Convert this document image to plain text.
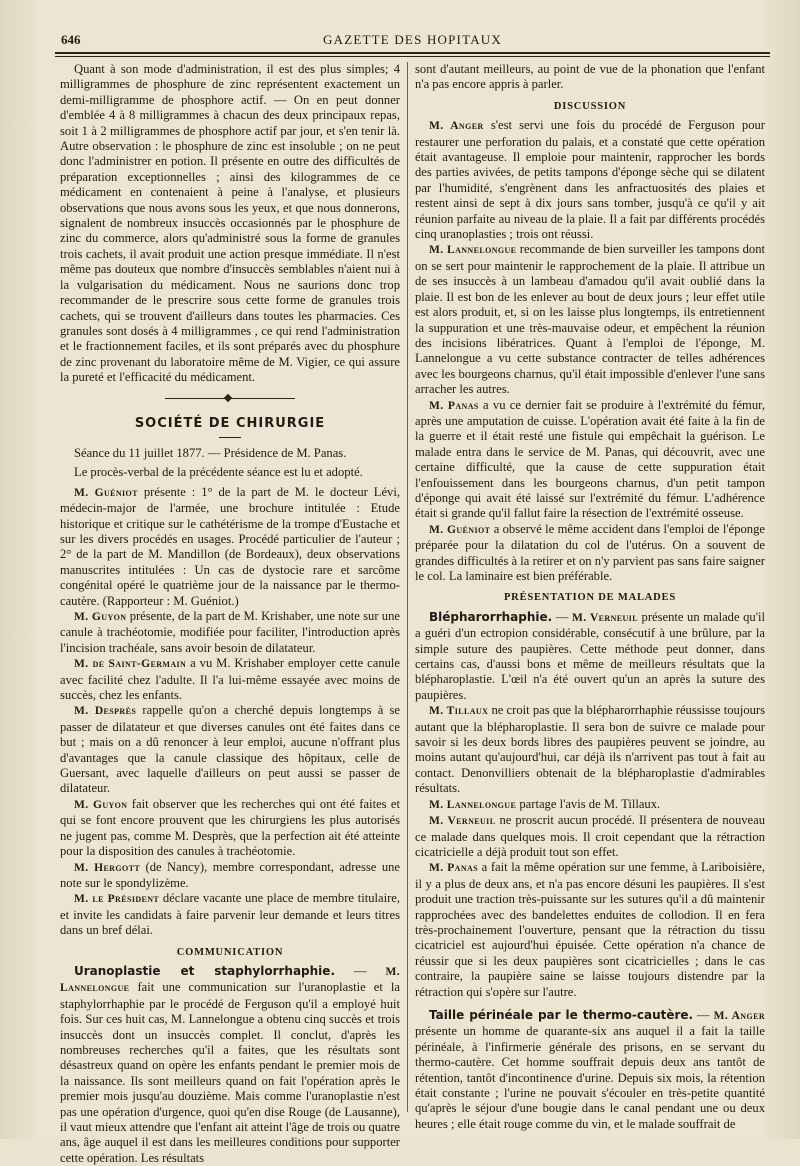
646	GAZETTE DES HOPITAUX

Quant à son mode d'administration, il est des plus simples; 4 milligrammes de phosphure de zinc représentent exactement un demi-milligramme de phosphore actif. — On en peut donner d'emblée 4 à 8 milligrammes à chacun des deux principaux repas, soit 1 à 2 milligrammes de phosphore actif par jour, et s'en tenir là. Autre observation : le phosphure de zinc est insoluble ; on ne peut donc l'administrer en potion. Il présente en outre des difficultés de préparation exceptionnelles ; ainsi des kilogrammes de ce médicament en contenaient à peine à l'analyse, et plusieurs observations que nous avons sous les yeux, et que nous donnerons, signalent de nombreux insuccès occasionnés par le phosphure de zinc du commerce, alors qu'administré sous la forme de granules trois cachets, il avait produit une action presque immédiate. Il n'est même pas douteux que nombre d'insuccès semblables n'aient nui à la vulgarisation du médicament. Nous ne saurions donc trop recommander de le prescrire sous cette forme de granules trois cachets, qui se trouvent d'ailleurs dans toutes les pharmacies. Ces granules sont dosés à 4 milligrammes , ce qui rend l'administration et le fractionnement faciles, et ils sont préparés avec du phosphure de zinc provenant du laboratoire même de M. Vigier, ce qui assure la pureté et l'efficacité du médicament.

SOCIÉTÉ DE CHIRURGIE

Séance du 11 juillet 1877. — Présidence de M. Panas.

Le procès-verbal de la précédente séance est lu et adopté.

M. Guéniot présente : 1° de la part de M. le docteur Lévi, médecin-major de l'armée, une brochure intitulée : Etude historique et critique sur le cathétérisme de la trompe d'Eustache et sur les divers procédés en usages. Procédé particulier de l'auteur ; 2° de la part de M. Mandillon (de Bordeaux), deux observations manuscrites intitulées : Un cas de dystocie rare et sarcôme congénital opéré le quatrième jour de la naissance par le thermo-cautère. (Rapporteur : M. Guéniot.)

M. Guyon présente, de la part de M. Krishaber, une note sur une canule à trachéotomie, modifiée pour faciliter, l'introduction après l'incision trachéale, sans avoir besoin de dilatateur.

M. de Saint-Germain a vu M. Krishaber employer cette canule avec facilité chez l'adulte. Il l'a lui-même essayée avec moins de succès, chez les enfants.

M. Desprès rappelle qu'on a cherché depuis longtemps à se passer de dilatateur et que diverses canules ont été faites dans ce but ; mais on a dû renoncer à leur emploi, aucune n'offrant plus d'avantages que la canule classique des hôpitaux, celle de Guersant, avec laquelle d'ailleurs on peut aussi se passer de dilatateur.

M. Guyon fait observer que les recherches qui ont été faites et qui se font encore prouvent que les chirurgiens les plus autorisés ne jugent pas, comme M. Desprès, que la perfection ait été atteinte pour la disposition des canules à trachéotomie.

M. Hergott (de Nancy), membre correspondant, adresse une note sur le spondylizème.

M. le Président déclare vacante une place de membre titulaire, et invite les candidats à faire parvenir leur demande et leurs titres dans un bref délai.

COMMUNICATION

Uranoplastie et staphylorrhaphie. — M. Lannelongue fait une communication sur l'uranoplastie et la staphylorrhaphie par le procédé de Ferguson qu'il a employé huit fois. Sur ces huit cas, M. Lannelongue a obtenu cinq succès et trois insuccès dont un insuccès complet. Il conclut, d'après les nombreuses recherches qu'il a faites, que les résultats sont désastreux quand on opère les enfants pendant le premier mois de la naissance. Ils sont meilleurs quand on fait l'opération après le premier mois jusqu'au douzième. Mais comme l'uranoplastie n'est pas une opération d'urgence, quoi qu'en dise Rouge (de Lausanne), il vaut mieux attendre que l'enfant ait atteint l'âge de trois ou quatre ans, âge auquel il est dans les meilleures conditions pour supporter cette opération. Les résultats

sont d'autant meilleurs, au point de vue de la phonation que l'enfant n'a pas encore appris à parler.

DISCUSSION

M. Anger s'est servi une fois du procédé de Ferguson pour restaurer une perforation du palais, et a constaté que cette opération était avantageuse. Il emploie pour maintenir, rapprocher les bords des parties avivées, de petits tampons d'éponge sèche qui se dilatent par l'humidité, s'engrènent dans les anfractuosités des plaies et restent ainsi de sept à dix jours sans tomber, jusqu'à ce qu'il y ait réunion parfaite au niveau de la plaie. Il a fait par différents procédés cinq uranoplasties ; trois ont réussi.

M. Lannelongue recommande de bien surveiller les tampons dont on se sert pour maintenir le rapprochement de la plaie. Il attribue un de ses insuccès à un lambeau d'amadou qu'il avait oublié dans la plaie. Il est bon de les enlever au bout de deux jours ; leur effet utile est alors produit, et, si on les laisse plus longtemps, ils entretiennent la suppuration et une très-mauvaise odeur, et empêchent la réunion des incisions libératrices. Quant à l'emploi de l'éponge, M. Lannelongue a vu cette substance contracter de telles adhérences avec les bourgeons charnus, qu'il était impossible d'enlever l'une sans arracher les autres.

M. Panas a vu ce dernier fait se produire à l'extrémité du fémur, après une amputation de cuisse. L'opération avait été faite à la fin de la guerre et il était resté une fistule qui empêchait la guérison. Le malade entra dans le service de M. Panas, qui découvrit, avec une certaine difficulté, que la cause de cette suppuration était l'enfouissement dans les bourgeons charnus, d'un petit tampon d'éponge qui avait été laissé sur l'extrémité du fémur. L'adhérence était si grande qu'il fallut faire la résection de l'extrémité osseuse.

M. Guéniot a observé le même accident dans l'emploi de l'éponge préparée pour la dilatation du col de l'utérus. On a souvent de grandes difficultés à la retirer et on n'y parvient pas sans faire saigner le col. La laminaire est bien préférable.

PRÉSENTATION DE MALADES

Blépharorrhaphie. — M. Verneuil présente un malade qu'il a guéri d'un ectropion considérable, consécutif à une brûlure, par la simple suture des paupières. Cette méthode peut donner, dans certains cas, d'aussi bons et même de meilleurs résultats que la blépharoplastie. L'œil n'a été ouvert qu'un an après la suture des paupières.

M. Tillaux ne croit pas que la blépharorrhaphie réussisse toujours autant que la blépharoplastie. Il sera bon de suivre ce malade pour savoir si les deux bords libres des paupières peuvent se joindre, au moins autant qu'aujourd'hui, car déjà ils n'arrivent pas tout à fait au contact. Denonvilliers obtenait de la blépharoplastie d'admirables résultats.

M. Lannelongue partage l'avis de M. Tillaux.

M. Verneuil ne proscrit aucun procédé. Il présentera de nouveau ce malade dans quelques mois. Il croit cependant que la rétraction cicatricielle a déjà produit tout son effet.

M. Panas a fait la même opération sur une femme, à Lariboisière, il y a plus de deux ans, et n'a pas encore désuni les paupières. Il s'est produit une traction très-puissante sur les sutures qu'il a dû maintenir rapprochées avec des bandelettes enduites de collodion. Il en fera très-prochainement l'ouverture, pensant que la rétraction du tissu cicatriciel est aujourd'hui épuisée. Cette opération n'a chance de réussir que si les deux paupières sont cicatricielles ; dans le cas contraire, la paupière saine se laisse toujours distendre par la rétraction qui s'opère sur l'autre.

Taille périnéale par le thermo-cautère. — M. Anger présente un homme de quarante-six ans auquel il a fait la taille périnéale, à l'infirmerie générale des prisons, en se servant du thermo-cautère. Cet homme souffrait depuis deux ans tantôt de rétention, tantôt d'incontinence d'urine. Depuis six mois, la rétention était constante ; l'urine ne pouvait s'écouler en très-petite quantité qu'après le séjour d'une bougie dans le canal pendant une ou deux heures ; elle était rouge comme du vin, et le malade souffrait de
